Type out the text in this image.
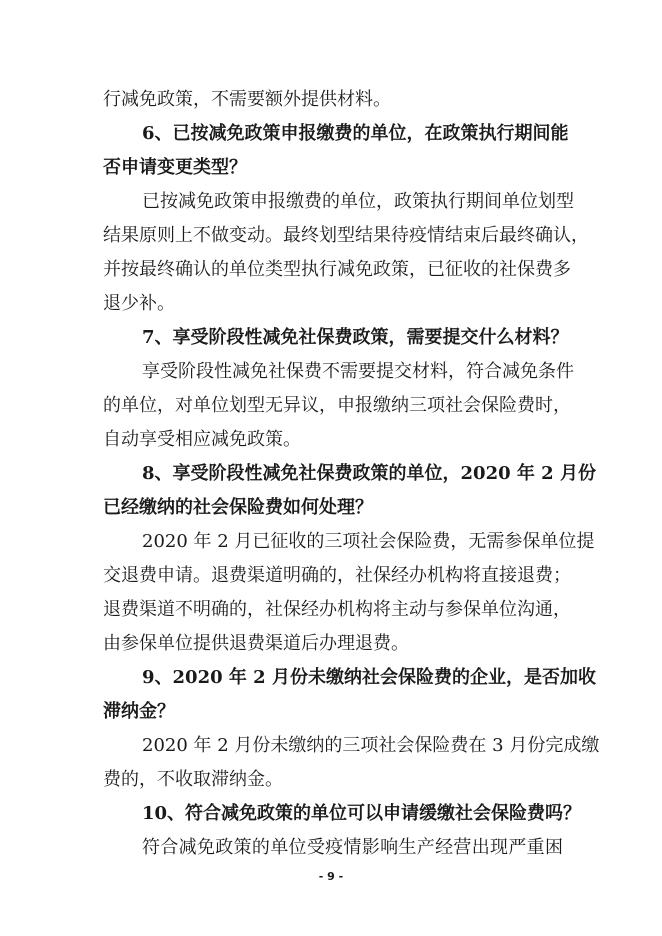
行减免政策，不需要额外提供材料。
6、已按减免政策申报缴费的单位，在政策执行期间能
否申请变更类型？
已按减免政策申报缴费的单位，政策执行期间单位划型
结果原则上不做变动。最终划型结果待疫情结束后最终确认，
并按最终确认的单位类型执行减免政策，已征收的社保费多
退少补。
7、享受阶段性减免社保费政策，需要提交什么材料？
享受阶段性减免社保费不需要提交材料，符合减免条件
的单位，对单位划型无异议，申报缴纳三项社会保险费时，
自动享受相应减免政策。
8、享受阶段性减免社保费政策的单位，2020 年 2 月份
已经缴纳的社会保险费如何处理？
2020 年 2 月已征收的三项社会保险费，无需参保单位提
交退费申请。退费渠道明确的，社保经办机构将直接退费；
退费渠道不明确的，社保经办机构将主动与参保单位沟通，
由参保单位提供退费渠道后办理退费。
9、2020 年 2 月份未缴纳社会保险费的企业，是否加收
滞纳金？
2020 年 2 月份未缴纳的三项社会保险费在 3 月份完成缴
费的，不收取滞纳金。
10、符合减免政策的单位可以申请缓缴社会保险费吗？
符合减免政策的单位受疫情影响生产经营出现严重困
- 9 -
